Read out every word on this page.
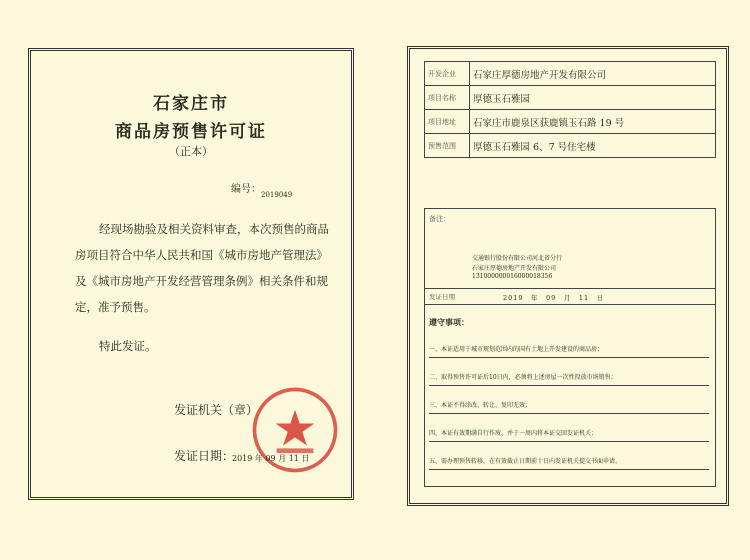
石家庄市
商品房预售许可证
（正本）
编号： 2019049
经现场勘验及相关资料审查，本次预售的商品房项目符合中华人民共和国《城市房地产管理法》及《城市房地产开发经营管理条例》相关条件和规定，准予预售。
特此发证。
发证机关（章）
发证日期：
2019 年 09 月 11 日
开发企业	石家庄厚德房地产开发有限公司
项目名称	厚德玉石雅园
项目地址	石家庄市鹿泉区获鹿镇玉石路 19 号
预售范围	厚德玉石雅园 6、7 号住宅楼
备注：
交通银行股份有限公司河北省分行
石家庄厚德房地产开发有限公司
131000000016000018356
发证日期	2019　年　09　月　11　日
遵守事项：
一、本证适用于城市规划范围内的国有土地上开发建设的商品房；
二、取得预售许可证后10日内，必须将上述房屋一次性投放市场销售；
三、本证不得涂改、转让、复印无效；
四、本证有效期满自行作废，并于一周内将本证交回发证机关；
五、需办理预售转移，在有效截止日期前十日内发证机关提交书面申请。
